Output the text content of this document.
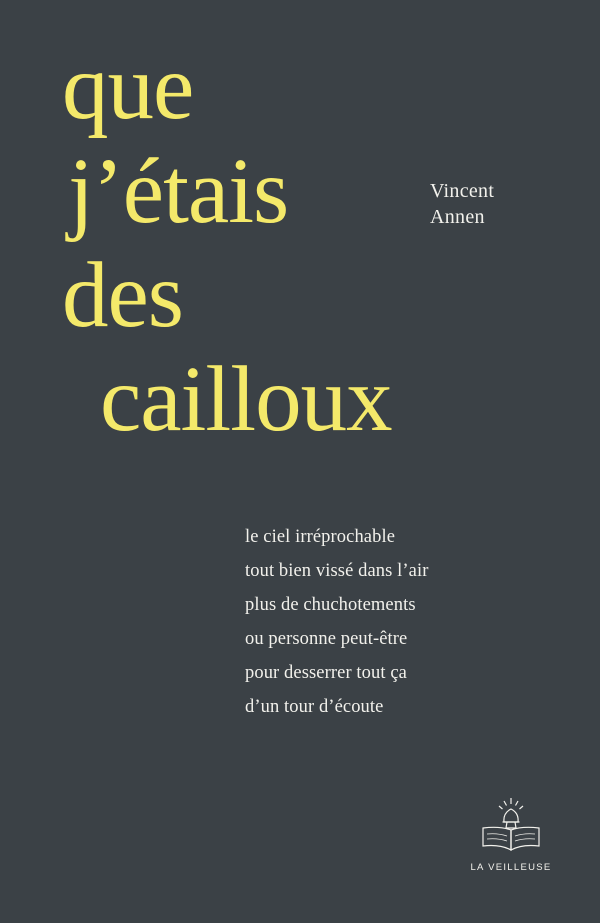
que
j’étais
des
cailloux
Vincent
Annen
le ciel irréprochable
tout bien vissé dans l’air
plus de chuchotements
ou personne peut-être
pour desserrer tout ça
d’un tour d’écoute
LA VEILLEUSE
